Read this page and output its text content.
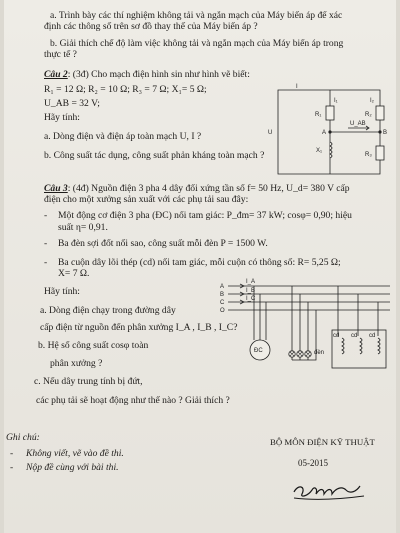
a. Trình bày các thí nghiệm không tải và ngắn mạch của Máy biến áp để xác
định các thông số trên sơ đồ thay thế của Máy biến áp ?
b. Giải thích chế độ làm việc không tải và ngắn mạch của Máy biến áp trong
thực tế ?
Câu 2: (3đ) Cho mạch điện hình sin như hình vẽ biết:
R₁ = 12 Ω; R₂ = 10 Ω; R₃ = 7 Ω; X₁= 5 Ω;
U_AB = 32 V;
Hãy tính:
a. Dòng điện và điện áp toàn mạch U, I ?
b. Công suất tác dụng, công suất phản kháng toàn mạch ?
I
U
I₁	I₂
R₁	R₂
R₃
X₁
A	B
U_AB
Câu 3: (4đ) Nguồn điện 3 pha 4 dây đối xứng tần số f= 50 Hz, U_d= 380 V cấp
điện cho một xưởng sản xuất với các phụ tải sau đây:
- Một động cơ điện 3 pha (ĐC) nối tam giác: P_đm= 37 kW; cosφ= 0,90; hiệu
suất η= 0,91.
- Ba đèn sợi đốt nối sao, công suất mỗi đèn P = 1500 W.
- Ba cuộn dây lõi thép (cd) nối tam giác, mỗi cuộn có thông số: R= 5,25 Ω;
X= 7 Ω.
Hãy tính:
a. Dòng điện chạy trong đường dây
cấp điện từ nguồn đến phân xưởng I_A , I_B , I_C?
b. Hệ số công suất cosφ toàn
phân xưởng ?
c. Nếu dây trung tính bị đứt,
các phụ tải sẽ hoạt động như thế nào ? Giải thích ?
ĐC	đèn
cd cd cd
A
B
C
O
I_A
I_B
I_C
Ghi chú:
- Không viết, vẽ vào đề thi.
- Nộp đề cùng với bài thi.
BỘ MÔN ĐIỆN KỸ THUẬT
05-2015
